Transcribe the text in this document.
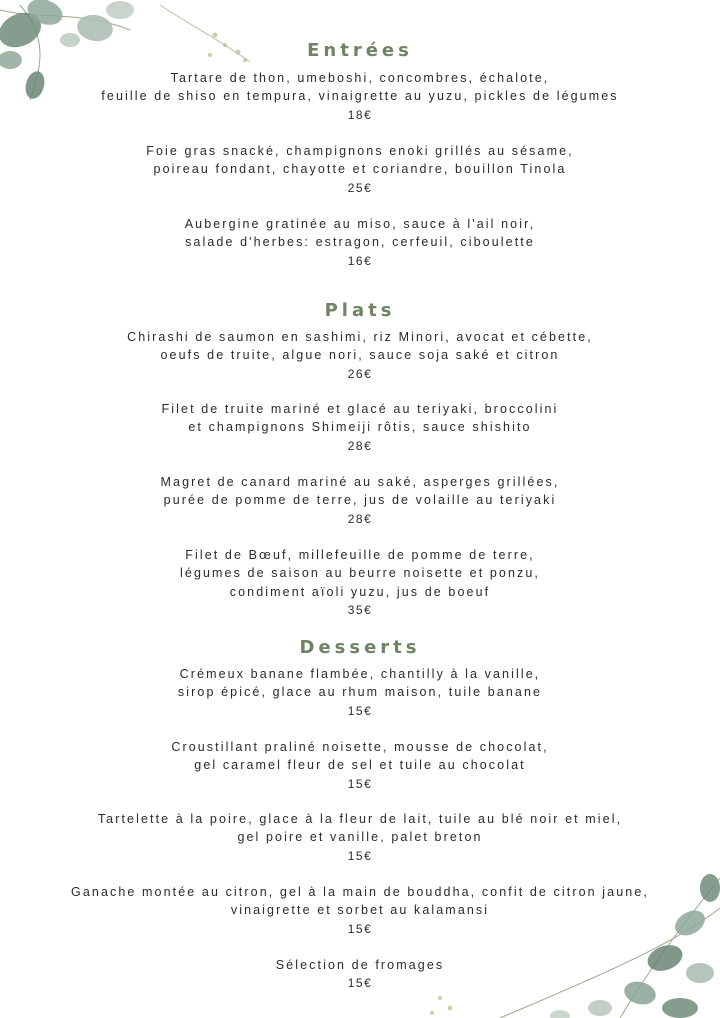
Entrées
Tartare de thon, umeboshi, concombres, échalote,
feuille de shiso en tempura, vinaigrette au yuzu, pickles de légumes
18€
Foie gras snacké, champignons enoki grillés au sésame,
poireau fondant, chayotte et coriandre, bouillon Tinola
25€
Aubergine gratinée au miso, sauce à l'ail noir,
salade d'herbes: estragon, cerfeuil, ciboulette
16€
Plats
Chirashi de saumon en sashimi, riz Minori, avocat et cébette,
oeufs de truite, algue nori, sauce soja saké et citron
26€
Filet de truite mariné et glacé au teriyaki, broccolini
et champignons Shimeiji rôtis, sauce shishito
28€
Magret de canard mariné au saké, asperges grillées,
purée de pomme de terre, jus de volaille au teriyaki
28€
Filet de Bœuf, millefeuille de pomme de terre,
légumes de saison au beurre noisette et ponzu,
condiment aïoli yuzu, jus de boeuf
35€
Desserts
Crémeux banane flambée, chantilly à la vanille,
sirop épicé, glace au rhum maison, tuile banane
15€
Croustillant praliné noisette, mousse de chocolat,
gel caramel fleur de sel et tuile au chocolat
15€
Tartelette à la poire, glace à la fleur de lait, tuile au blé noir et miel,
gel poire et vanille, palet breton
15€
Ganache montée au citron, gel à la main de bouddha, confit de citron jaune,
vinaigrette et sorbet au kalamansi
15€
Sélection de fromages
15€
